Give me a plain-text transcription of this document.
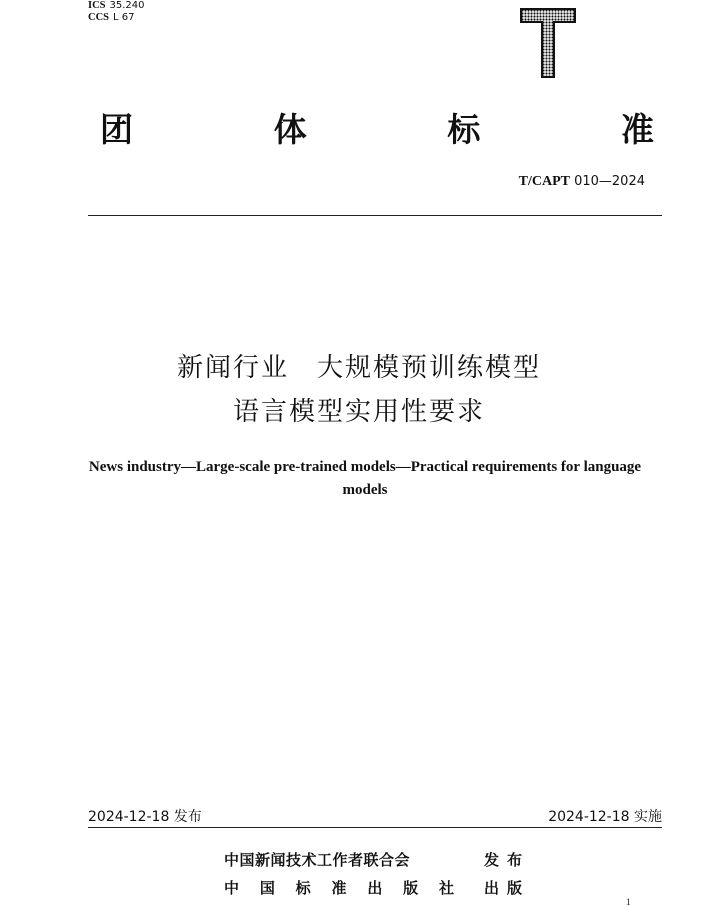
ICS 35.240
CCS L 67
团	体	标	准
T/CAPT 010—2024
新闻行业　大规模预训练模型
语言模型实用性要求
News industry—Large-scale pre-trained models—Practical requirements for language models
2024-12-18 发布	2024-12-18 实施
中国新闻技术工作者联合会	发布
中 国 标 准 出 版 社 出版
1
